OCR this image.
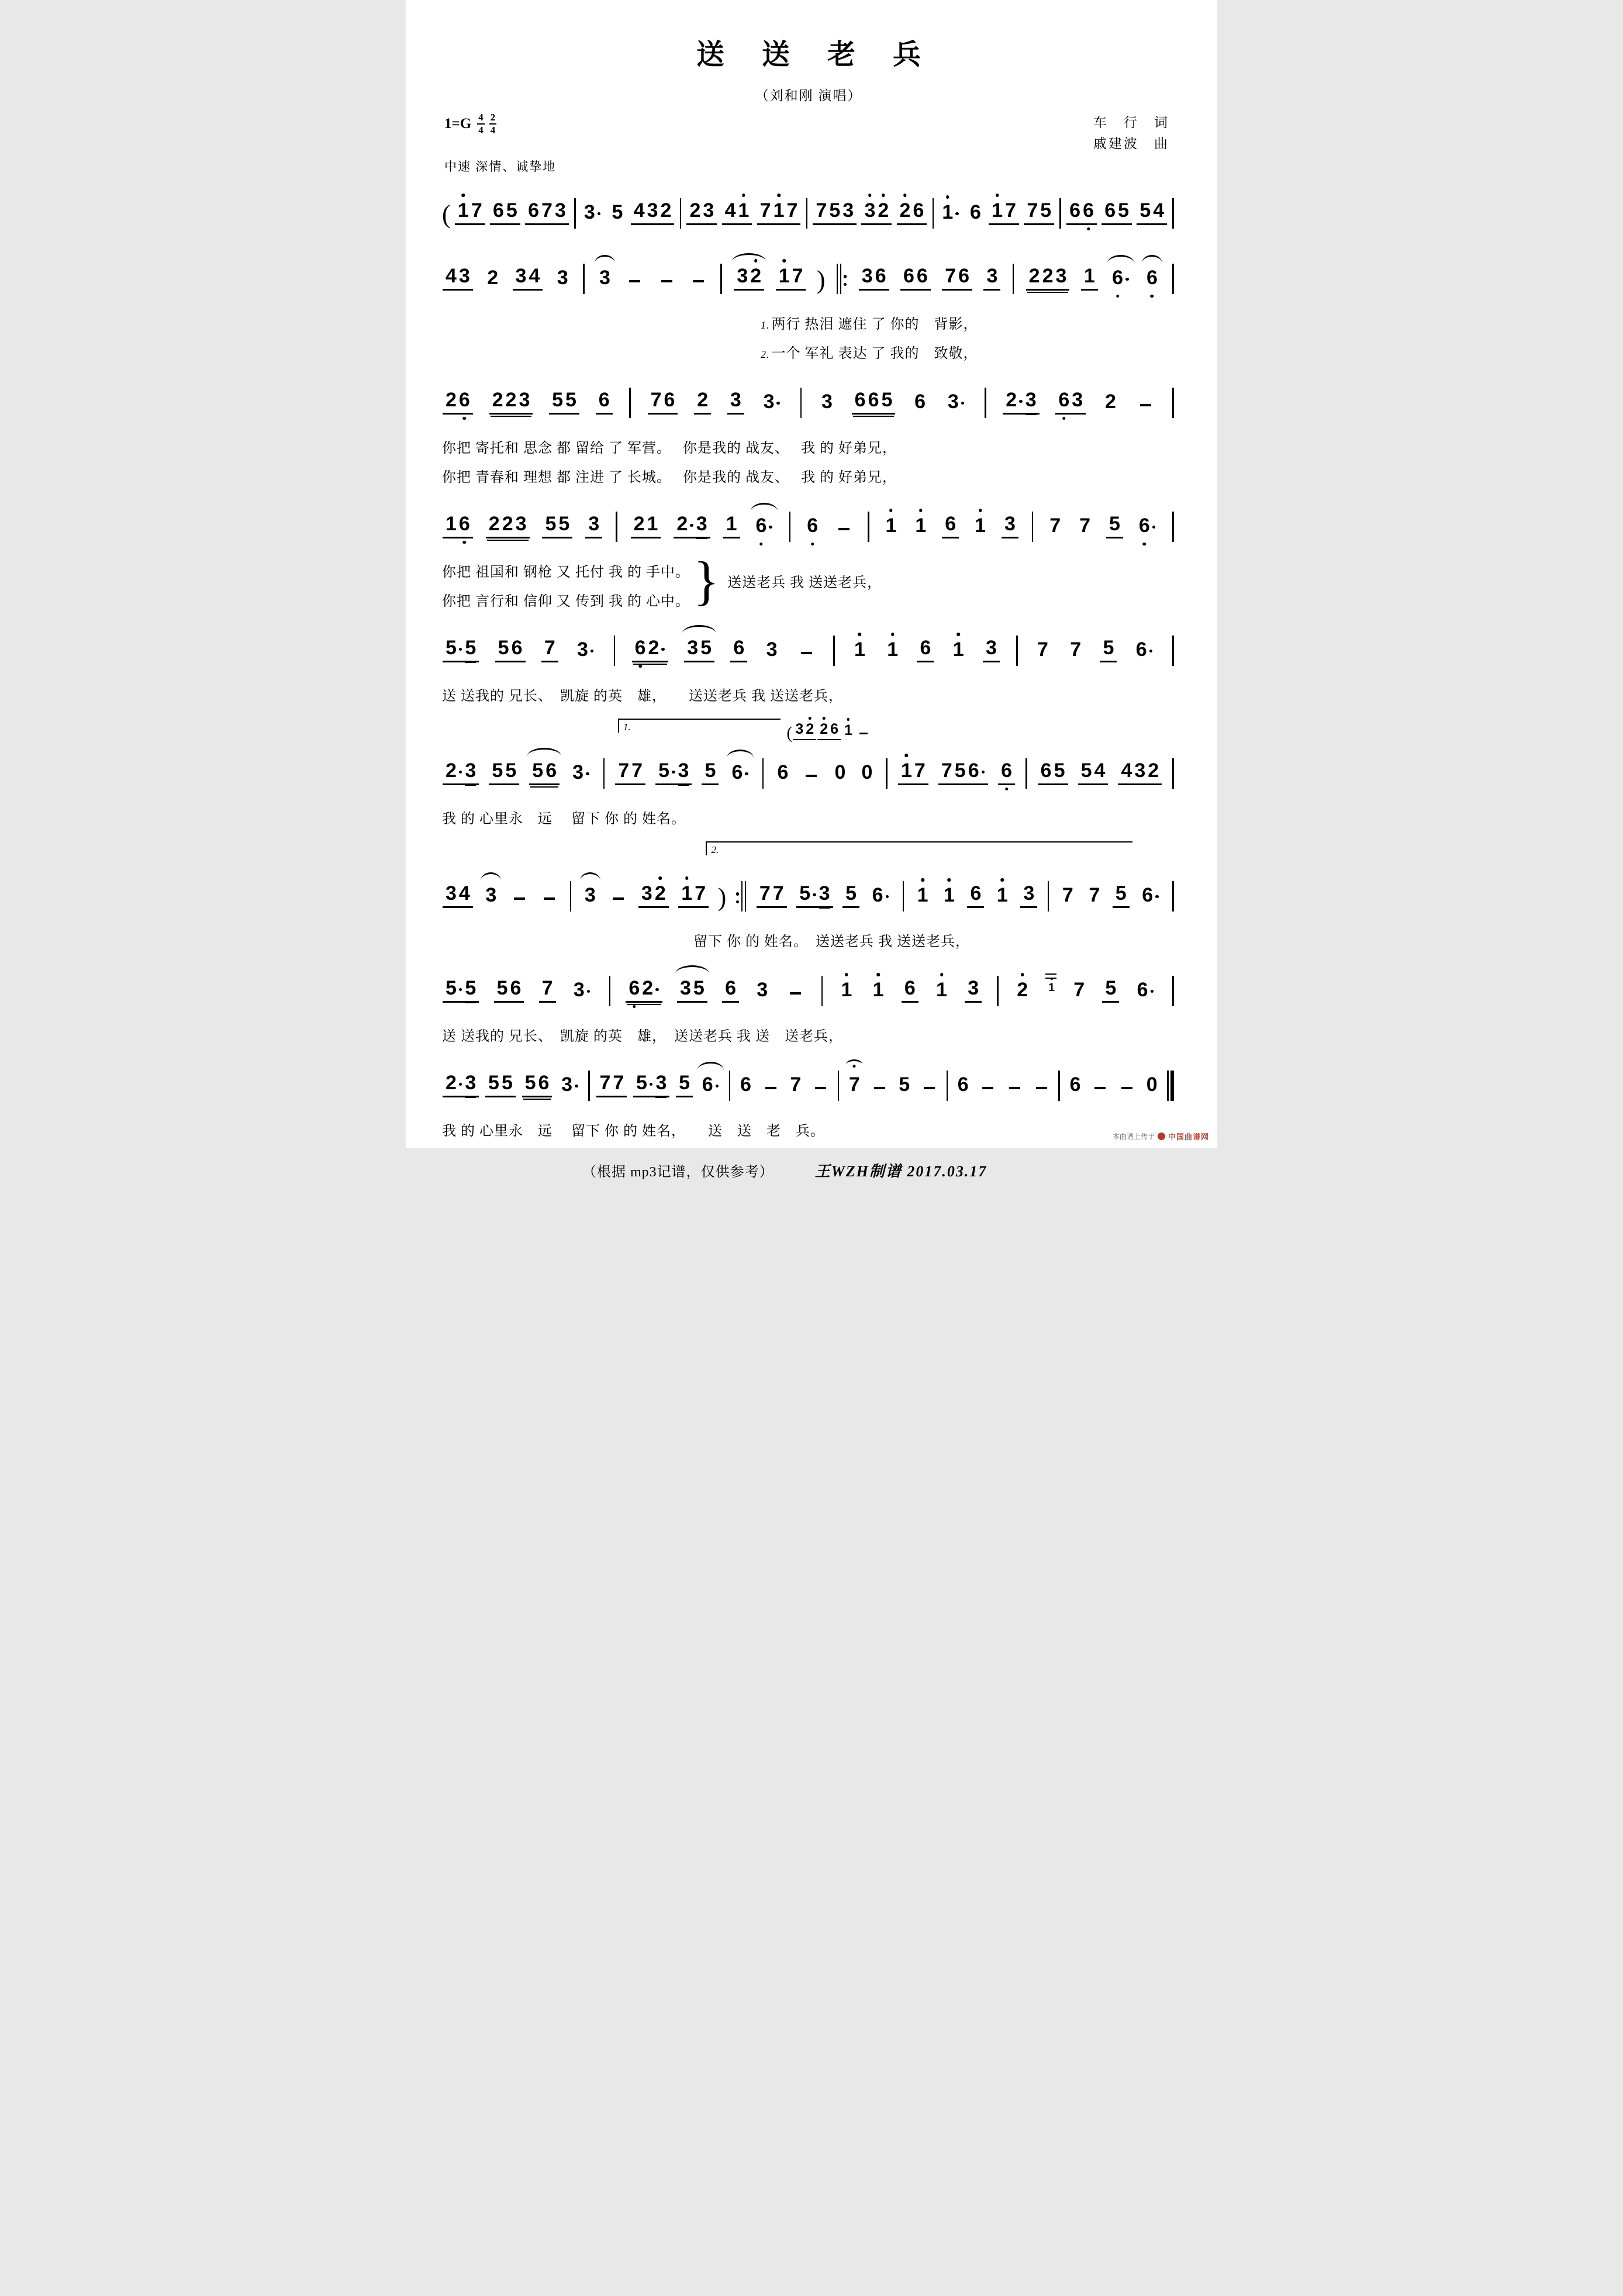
送 送 老 兵
（刘和刚 演唱）
$1=G \frac{4}{4} \frac{2}{4}$	车　行　词
戚建波　曲
中速 深情、诚挚地
( 1 7 6 5 6 7 3 3 5 4 3 2 2 3 4 1 7 1 7 7 5 3 3 2 2 6 1 6 1 7 7 5 6 6 6 5 5 4
4 3 2 3 4 3 3	3 2 1 7 ) 3 6 6 6 7 6 3 2 2 3 1 6 6
1. 两行 热泪 遮住 了 你的　背影，
2. 一个 军礼 表达 了 我的　致敬，
2 6 2 2 3 5 5 6 7 6 2 3 3 3 6 6 5 6 3 2 3 6 3 2
你把 寄托和 思念 都 留给 了 军营。　 你是我的 战友、　 我 的 好弟兄，
你把 青春和 理想 都 注进 了 长城。　 你是我的 战友、　 我 的 好弟兄，
1 6 2 2 3 5 5 3 2 1 2 3 1 6 6	1 1 6 1 3 7 7 5 6
你把 祖国和 钢枪 又 托付 我 的 手中。
你把 言行和 信仰 又 传到 我 的 心中。 } 送送老兵 我 送送老兵，
5 5 5 6 7 3 6 2 3 5 6 3	1 1 6 1 3 7 7 5 6
送 送我的 兄长、　凯旋 的英　雄，　　送送老兵 我 送送老兵，
2 3 5 5 5 6 3 7 7 5 3 5 6 6 0 0 1 7 7 5 6 6 6 5 5 4 4 3 2
1.	( 3 2 2 6 1
我 的 心里永　远　 留下 你 的 姓名。
3 4 3	3 3 2 1 7 ) 7 7 5 3 5 6 1 1 6 1 3 7 7 5 6
2.
留下 你 的 姓名。　送送老兵 我 送送老兵，
5 5 5 6 7 3 6 2 3 5 6 3	1 1 6 1 3 2 1 7 5 6
送 送我的 兄长、　凯旋 的英　雄，　送送老兵 我 送　送老兵，
2 3 5 5 5 6 3 7 7 5 3 5 6 6 7 7 5 6	6	0
我 的 心里永　远　 留下 你 的 姓名，　　送　送　老　兵。
（根据 mp3记谱，仅供参考）	王WZH制谱 2017.03.17
本曲谱上传于 中国曲谱网
